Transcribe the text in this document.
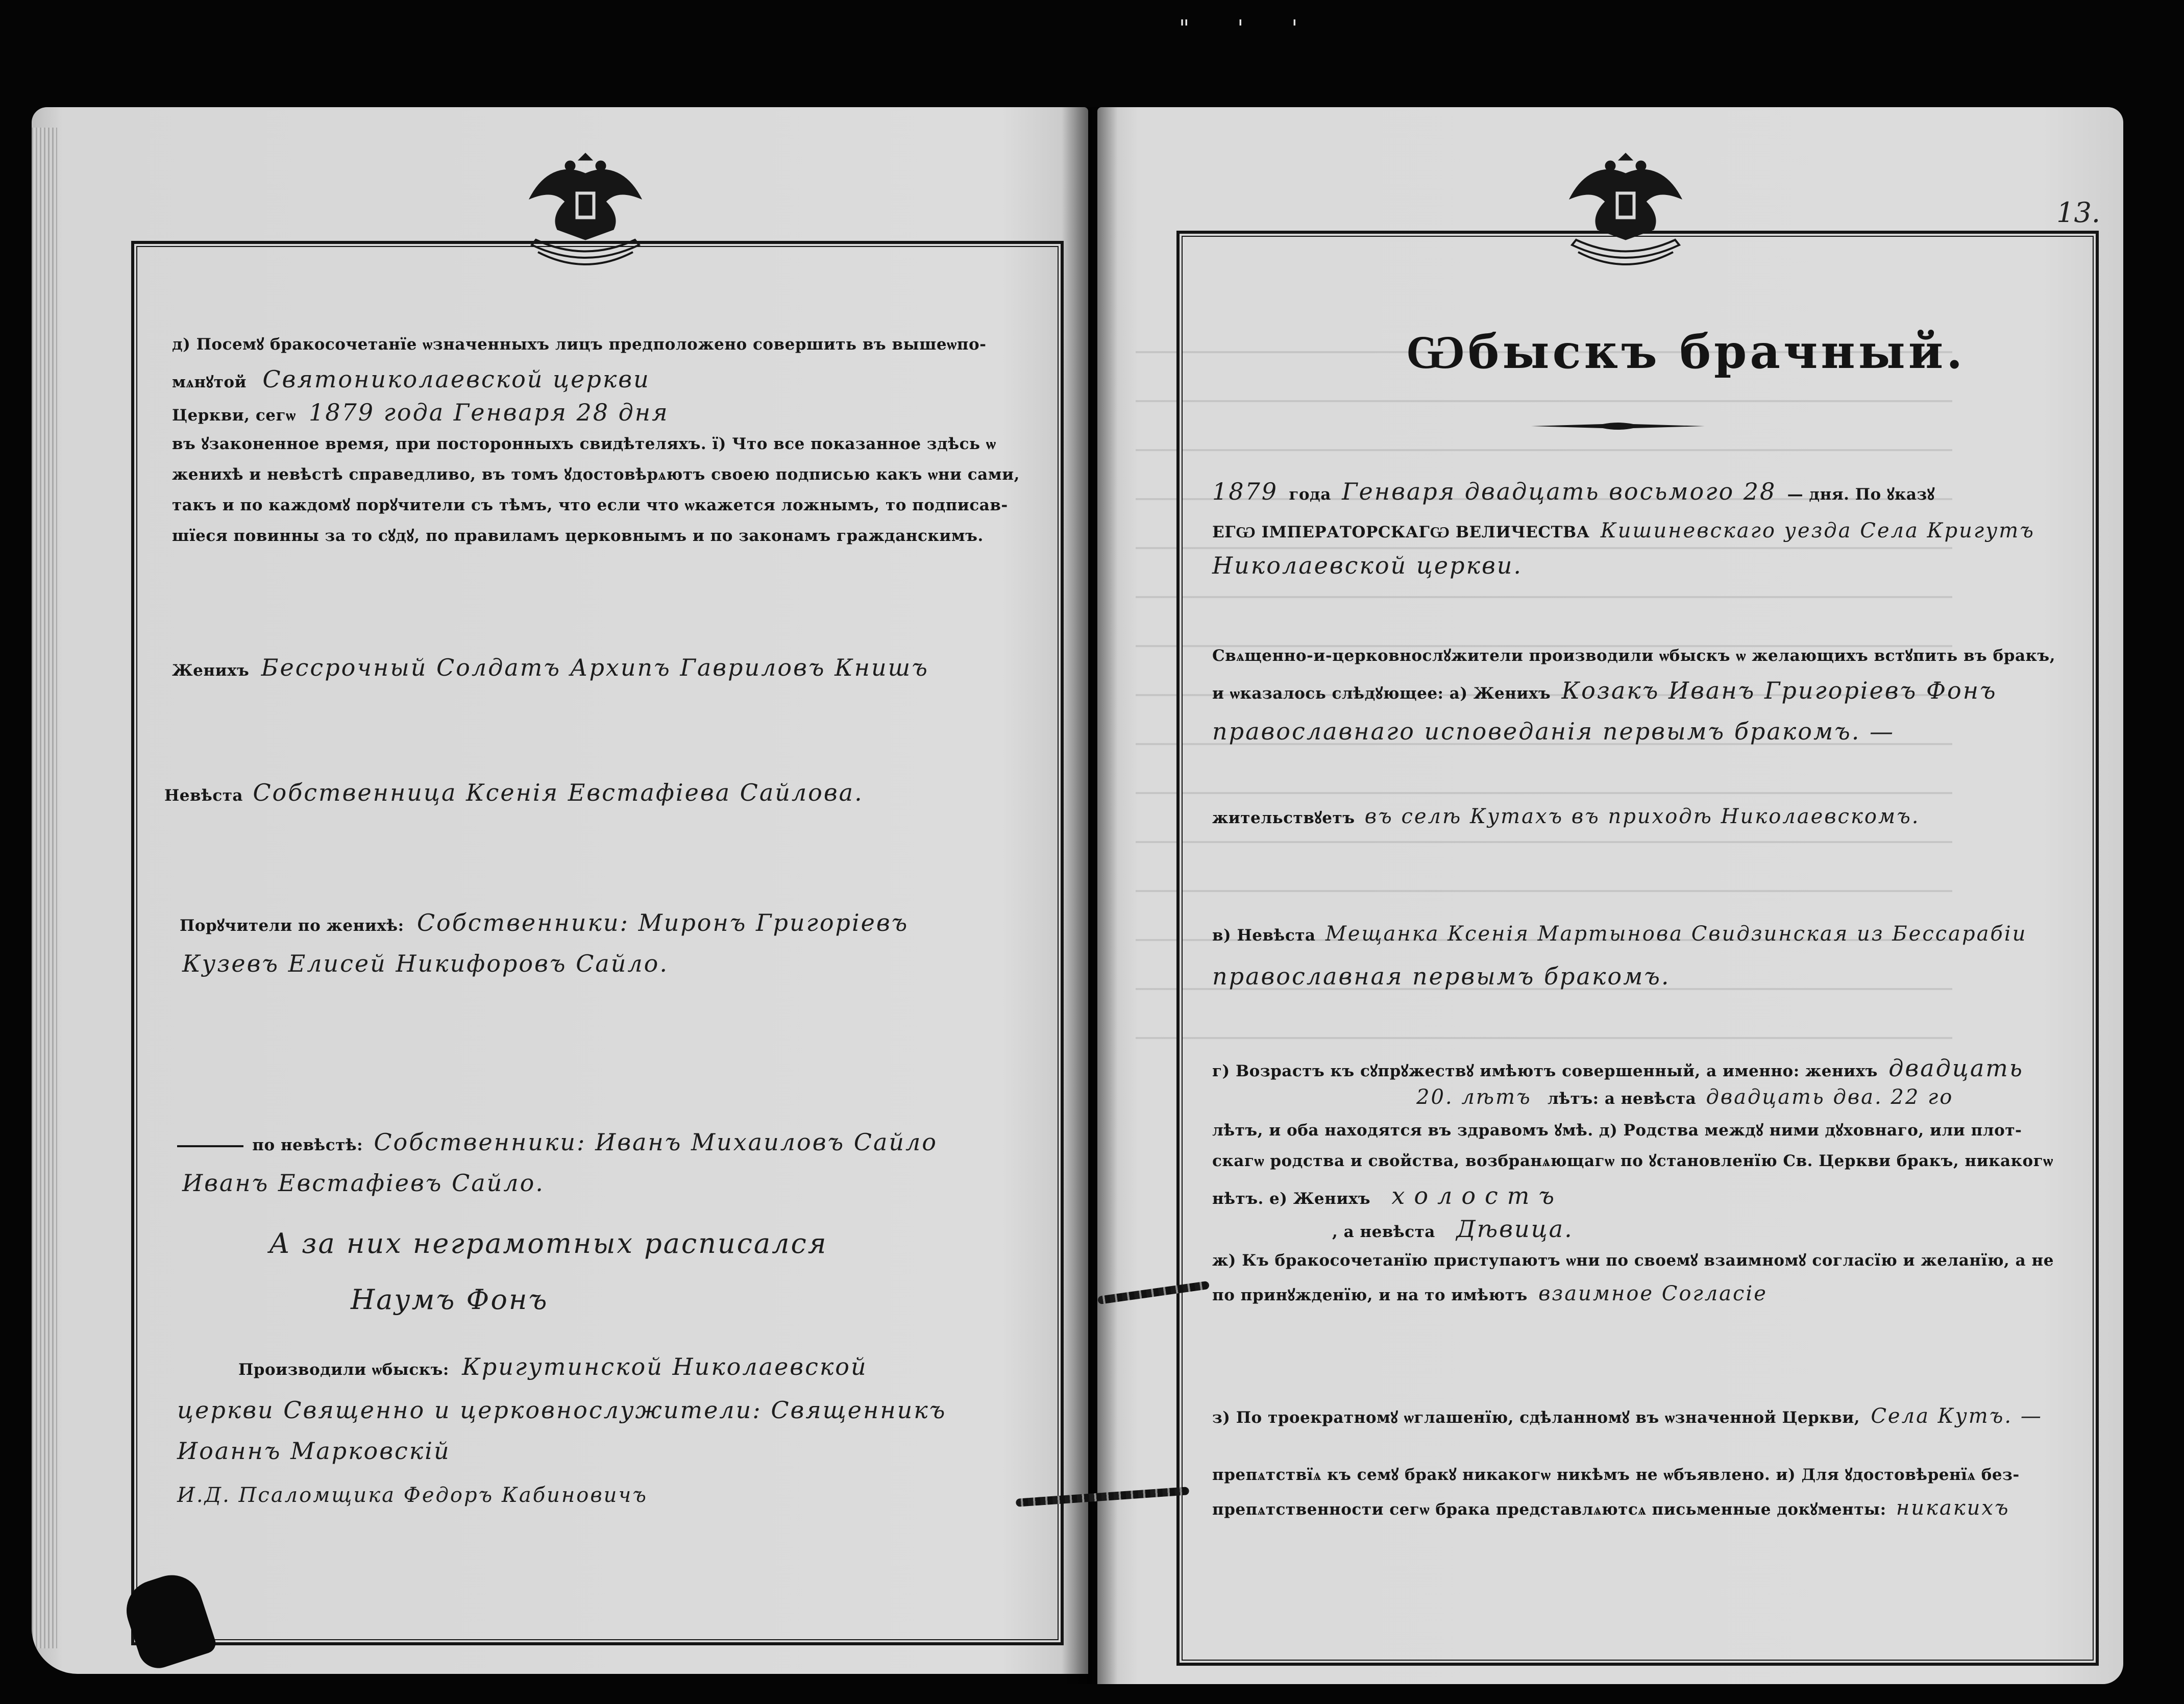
" ' '
д) Посемꙋ бракосочетанїе ѡзначенныхъ лицъ предположено совершить въ вышеѡпо-
мѧнꙋтой Святониколаевской церкви
Церкви, сегѡ 1879 года Генваря 28 дня
въ ꙋзаконенное время, при посторонныхъ свидѣтеляхъ. ї) Что все показанное здѣсь ѡ
женихѣ и невѣстѣ справедливо, въ томъ ꙋдостовѣрѧютъ своею подписью какъ ѡни сами,
такъ и по каждомꙋ порꙋчители съ тѣмъ, что если что ѡкажется ложнымъ, то подписав-
шїеся повинны за то сꙋдꙋ, по правиламъ церковнымъ и по законамъ гражданскимъ.
Женихъ Бессрочный Солдатъ Архипъ Гавриловъ Книшъ
Невѣста Собственница Ксенiя Евстафiева Сайлова.
Порꙋчители по женихѣ: Собственники: Миронъ Григорiевъ
Кузевъ Елисей Никифоровъ Сайло.
по невѣстѣ: Собственники: Иванъ Михаиловъ Сайло
Иванъ Евстафiевъ Сайло.
А за них неграмотных расписался
Наумъ Фонъ
Производили ѡбыскъ: Кригутинской Николаевской
церкви Священно и церковнослужители: Священникъ
Иоаннъ Марковскiй
И.Д. Псаломщика Федоръ Кабиновичъ
13.
Ѡбыскъ брачный.
1879 года Генваря двадцать восьмого 28 — дня. По ꙋказꙋ
ЕГѠ ІМПЕРАТОРСКАГѠ ВЕЛИЧЕСТВА Кишиневскаго уезда Села Кригутъ
Николаевской церкви.
Свѧщенно-и-церковнослꙋжители производили ѡбыскъ ѡ желающихъ встꙋпить въ бракъ,
и ѡказалось слѣдꙋющее: а) Женихъ Козакъ Иванъ Григорiевъ Фонъ
православнаго исповеданiя первымъ бракомъ. —
жительствꙋетъ въ селѣ Кутахъ въ приходѣ Николаевскомъ.
в) Невѣста Мещанка Ксенiя Мартынова Свидзинская из Бессарабiи
православная первымъ бракомъ.
г) Возрастъ къ сꙋпрꙋжествꙋ имѣютъ совершенный, а именно: женихъ двадцать
20. лѣтъ лѣтъ: а невѣста двадцать два. 22 го
лѣтъ, и оба находятся въ здравомъ ꙋмѣ. д) Родства междꙋ ними дꙋховнаго, или плот-
скагѡ родства и свойства, возбранѧющагѡ по ꙋстановленїю Св. Церкви бракъ, никакогѡ
нѣтъ. е) Женихъ холостъ
, а невѣста Дѣвица.
ж) Къ бракосочетанїю приступаютъ ѡни по своемꙋ взаимномꙋ согласїю и желанїю, а не
по принꙋжденїю, и на то имѣютъ взаимное Согласiе
з) По троекратномꙋ ѡглашенїю, сдѣланномꙋ въ ѡзначенной Церкви, Села Кутъ. —
препѧтствїѧ къ семꙋ бракꙋ никакогѡ никѣмъ не ѡбъявлено. и) Для ꙋдостовѣренїѧ без-
препѧтственности сегѡ брака представлѧютсѧ письменные докꙋменты: никакихъ
